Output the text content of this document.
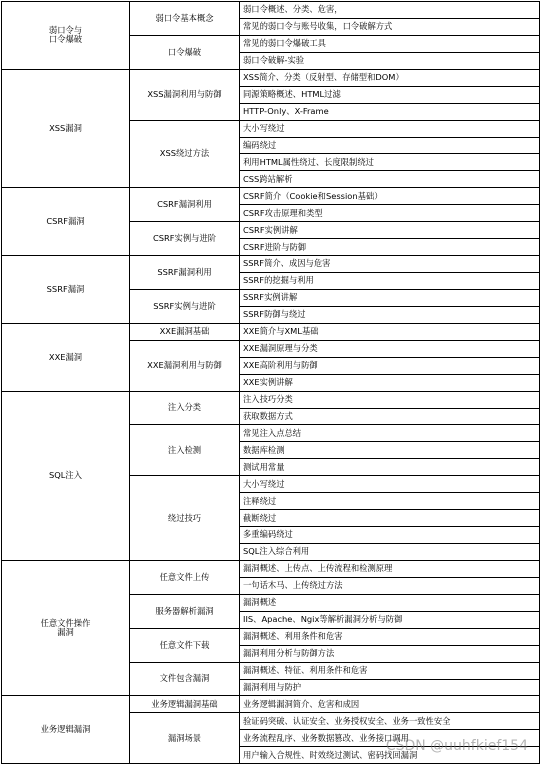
弱口令与
口令爆破	弱口令基本概念	弱口令概述、分类、危害，
		常见的弱口令与账号收集，口令破解方式
	口令爆破	常见的弱口令爆破工具
		弱口令破解-实验
XSS漏洞	XSS漏洞利用与防御	XSS简介、分类（反射型、存储型和DOM）
		同源策略概述、HTML过滤
		HTTP-Only、X-Frame
	XSS绕过方法	大小写绕过
		编码绕过
		利用HTML属性绕过、长度限制绕过
		CSS跨站解析
CSRF漏洞	CSRF漏洞利用	CSRF简介（Cookie和Session基础）
		CSRF攻击原理和类型
	CSRF实例与进阶	CSRF实例讲解
		CSRF进阶与防御
SSRF漏洞	SSRF漏洞利用	SSRF简介、成因与危害
		SSRF的挖掘与利用
	SSRF实例与进阶	SSRF实例讲解
		SSRF防御与绕过
XXE漏洞	XXE漏洞基础	XXE简介与XML基础
	XXE漏洞利用与防御	XXE漏洞原理与分类
		XXE高阶利用与防御
		XXE实例讲解
SQL注入	注入分类	注入技巧分类
		获取数据方式
	注入检测	常见注入点总结
		数据库检测
		测试用常量
	绕过技巧	大小写绕过
		注释绕过
		截断绕过
		多重编码绕过
		SQL注入综合利用
任意文件操作
漏洞	任意文件上传	漏洞概述、上传点、上传流程和检测原理
		一句话木马、上传绕过方法
	服务器解析漏洞	漏洞概述
		IIS、Apache、Ngix等解析漏洞分析与防御
	任意文件下载	漏洞概述、利用条件和危害
		漏洞利用分析与防御方法
	文件包含漏洞	漏洞概述、特征、利用条件和危害
		漏洞利用与防护
业务逻辑漏洞	业务逻辑漏洞基础	业务逻辑漏洞简介、危害和成因
	漏洞场景	验证码突破、认证安全、业务授权安全、业务一致性安全
		业务流程乱序、业务数据篡改、业务接口调用
		用户输入合规性、时效绕过测试、密码找回漏洞
CSDN @uuhfkief154
